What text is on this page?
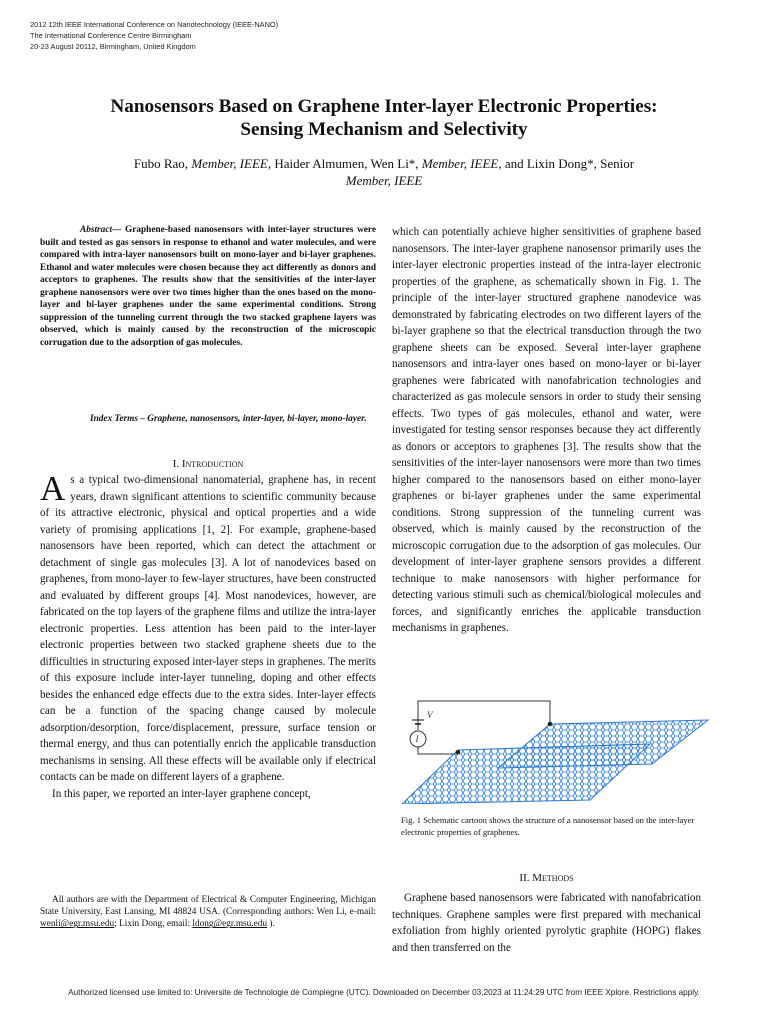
2012 12th IEEE International Conference on Nanotechnology (IEEE-NANO)
The International Conference Centre Birmingham
20-23 August 20112, Birmingham, United Kingdom
Nanosensors Based on Graphene Inter-layer Electronic Properties:
Sensing Mechanism and Selectivity
Fubo Rao, Member, IEEE, Haider Almumen, Wen Li*, Member, IEEE, and Lixin Dong*, Senior
Member, IEEE
Abstract— Graphene-based nanosensors with inter-layer structures were built and tested as gas sensors in response to ethanol and water molecules, and were compared with intra-layer nanosensors built on mono-layer and bi-layer graphenes. Ethanol and water molecules were chosen because they act differently as donors and acceptors to graphenes. The results show that the sensitivities of the inter-layer graphene nanosensors were over two times higher than the ones based on the mono-layer and bi-layer graphenes under the same experimental conditions. Strong suppression of the tunneling current through the two stacked graphene layers was observed, which is mainly caused by the reconstruction of the microscopic corrugation due to the adsorption of gas molecules.
Index Terms – Graphene, nanosensors, inter-layer, bi-layer, mono-layer.
I. Introduction

As a typical two-dimensional nanomaterial, graphene has, in recent years, drawn significant attentions to scientific community because of its attractive electronic, physical and optical properties and a wide variety of promising applications [1, 2]. For example, graphene-based nanosensors have been reported, which can detect the attachment or detachment of single gas molecules [3]. A lot of nanodevices based on graphenes, from mono-layer to few-layer structures, have been constructed and evaluated by different groups [4]. Most nanodevices, however, are fabricated on the top layers of the graphene films and utilize the intra-layer electronic properties. Less attention has been paid to the inter-layer electronic properties between two stacked graphene sheets due to the difficulties in structuring exposed inter-layer steps in graphenes. The merits of this exposure include inter-layer tunneling, doping and other effects besides the enhanced edge effects due to the extra sides. Inter-layer effects can be a function of the spacing change caused by molecule adsorption/desorption, force/displacement, pressure, surface tension or thermal energy, and thus can potentially enrich the applicable transduction mechanisms in sensing. All these effects will be available only if electrical contacts can be made on different layers of a graphene.

In this paper, we reported an inter-layer graphene concept,

All authors are with the Department of Electrical & Computer Engineering, Michigan State University, East Lansing, MI 48824 USA. (Corresponding authors: Wen Li, e-mail: wenli@egr.msu.edu; Lixin Dong, email: ldong@egr.msu.edu ).

which can potentially achieve higher sensitivities of graphene based nanosensors. The inter-layer graphene nanosensor primarily uses the inter-layer electronic properties instead of the intra-layer electronic properties of the graphene, as schematically shown in Fig. 1. The principle of the inter-layer structured graphene nanodevice was demonstrated by fabricating electrodes on two different layers of the bi-layer graphene so that the electrical transduction through the two graphene sheets can be exposed. Several inter-layer graphene nanosensors and intra-layer ones based on mono-layer or bi-layer graphenes were fabricated with nanofabrication technologies and characterized as gas molecule sensors in order to study their sensing effects. Two types of gas molecules, ethanol and water, were investigated for testing sensor responses because they act differently as donors or acceptors to graphenes [3]. The results show that the sensitivities of the inter-layer nanosensors were more than two times higher compared to the nanosensors based on either mono-layer graphenes or bi-layer graphenes under the same experimental conditions. Strong suppression of the tunneling current was observed, which is mainly caused by the reconstruction of the microscopic corrugation due to the adsorption of gas molecules. Our development of inter-layer graphene sensors provides a different technique to make nanosensors with higher performance for detecting various stimuli such as chemical/biological molecules and forces, and significantly enriches the applicable transduction mechanisms in graphenes.

V
I
Fig. 1 Schematic cartoon shows the structure of a nanosensor based on the inter-layer electronic properties of graphenes.
II. Methods

Graphene based nanosensors were fabricated with nanofabrication techniques. Graphene samples were first prepared with mechanical exfoliation from highly oriented pyrolytic graphite (HOPG) flakes and then transferred on the

Authorized licensed use limited to: Universite de Technologie de Compiegne (UTC). Downloaded on December 03,2023 at 11:24:29 UTC from IEEE Xplore. Restrictions apply.
